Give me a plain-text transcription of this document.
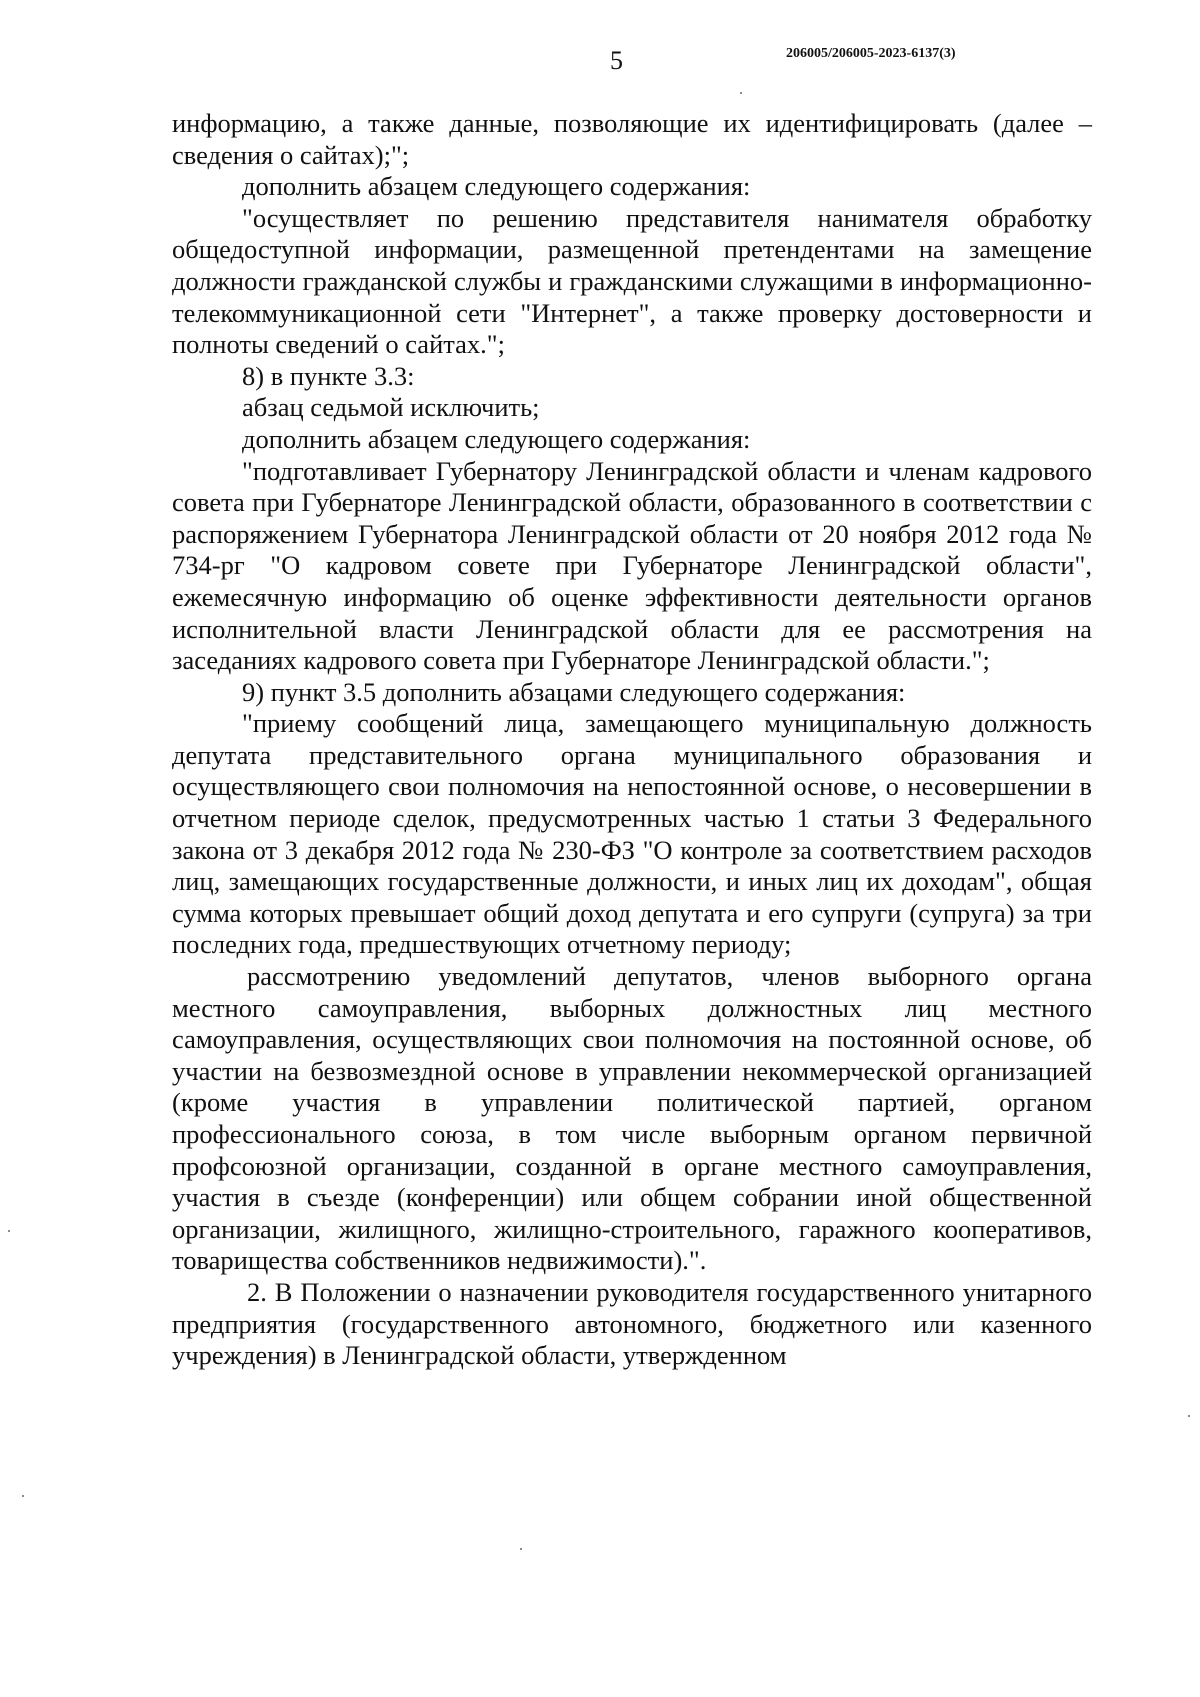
5	206005/206005-2023-6137(3)

информацию, а также данные, позволяющие их идентифицировать (далее – сведения о сайтах);";

дополнить абзацем следующего содержания:

"осуществляет по решению представителя нанимателя обработку общедоступной информации, размещенной претендентами на замещение должности гражданской службы и гражданскими служащими в информационно-телекоммуникационной сети "Интернет", а также проверку достоверности и полноты сведений о сайтах.";

8) в пункте 3.3:

абзац седьмой исключить;

дополнить абзацем следующего содержания:

"подготавливает Губернатору Ленинградской области и членам кадрового совета при Губернаторе Ленинградской области, образованного в соответствии с распоряжением Губернатора Ленинградской области от 20 ноября 2012 года № 734-рг "О кадровом совете при Губернаторе Ленинградской области", ежемесячную информацию об оценке эффективности деятельности органов исполнительной власти Ленинградской области для ее рассмотрения на заседаниях кадрового совета при Губернаторе Ленинградской области.";

9) пункт 3.5 дополнить абзацами следующего содержания:

"приему сообщений лица, замещающего муниципальную должность депутата представительного органа муниципального образования и осуществляющего свои полномочия на непостоянной основе, о несовершении в отчетном периоде сделок, предусмотренных частью 1 статьи 3 Федерального закона от 3 декабря 2012 года № 230-ФЗ "О контроле за соответствием расходов лиц, замещающих государственные должности, и иных лиц их доходам", общая сумма которых превышает общий доход депутата и его супруги (супруга) за три последних года, предшествующих отчетному периоду;

рассмотрению уведомлений депутатов, членов выборного органа местного самоуправления, выборных должностных лиц местного самоуправления, осуществляющих свои полномочия на постоянной основе, об участии на безвозмездной основе в управлении некоммерческой организацией (кроме участия в управлении политической партией, органом профессионального союза, в том числе выборным органом первичной профсоюзной организации, созданной в органе местного самоуправления, участия в съезде (конференции) или общем собрании иной общественной организации, жилищного, жилищно-строительного, гаражного кооперативов, товарищества собственников недвижимости).".

2. В Положении о назначении руководителя государственного унитарного предприятия (государственного автономного, бюджетного или казенного учреждения) в Ленинградской области, утвержденном
